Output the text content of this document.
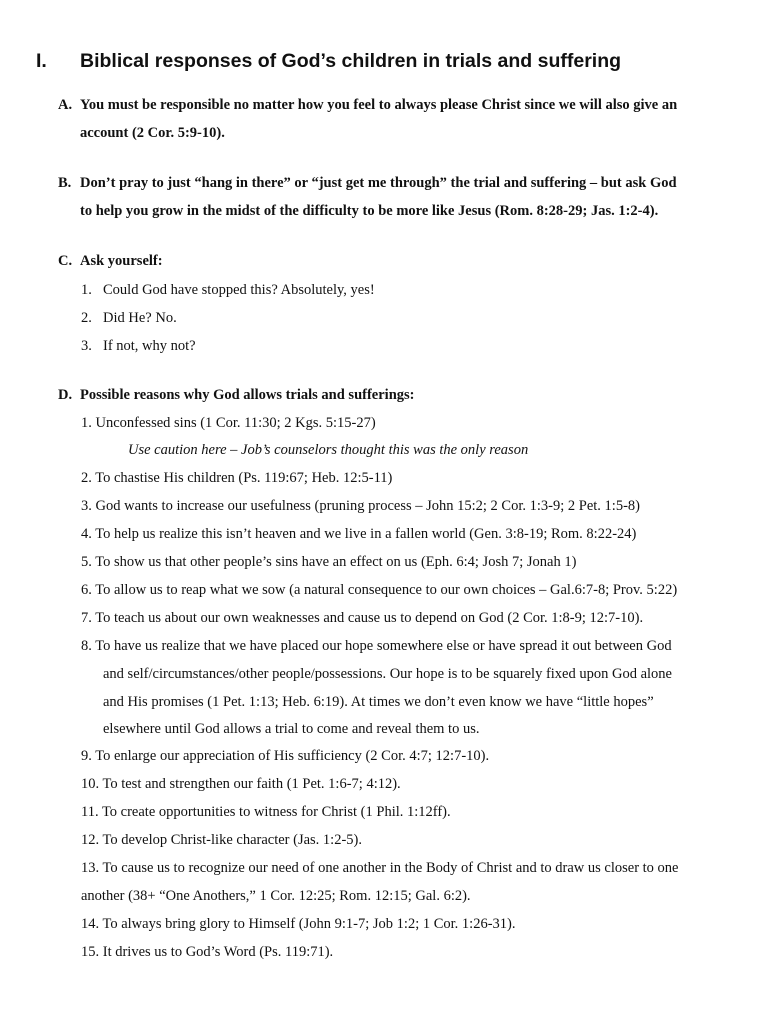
I. Biblical responses of God’s children in trials and suffering
A. You must be responsible no matter how you feel to always please Christ since we will also give an
account (2 Cor. 5:9-10).
B. Don’t pray to just “hang in there” or “just get me through” the trial and suffering – but ask God
to help you grow in the midst of the difficulty to be more like Jesus (Rom. 8:28-29; Jas. 1:2-4).
C. Ask yourself:
1. Could God have stopped this? Absolutely, yes!
2. Did He? No.
3. If not, why not?
D. Possible reasons why God allows trials and sufferings:
1. Unconfessed sins (1 Cor. 11:30; 2 Kgs. 5:15-27)
Use caution here – Job’s counselors thought this was the only reason
2. To chastise His children (Ps. 119:67; Heb. 12:5-11)
3. God wants to increase our usefulness (pruning process – John 15:2; 2 Cor. 1:3-9; 2 Pet. 1:5-8)
4. To help us realize this isn’t heaven and we live in a fallen world (Gen. 3:8-19; Rom. 8:22-24)
5. To show us that other people’s sins have an effect on us (Eph. 6:4; Josh 7; Jonah 1)
6. To allow us to reap what we sow (a natural consequence to our own choices – Gal.6:7-8; Prov. 5:22)
7. To teach us about our own weaknesses and cause us to depend on God (2 Cor. 1:8-9; 12:7-10).
8. To have us realize that we have placed our hope somewhere else or have spread it out between God
and self/circumstances/other people/possessions. Our hope is to be squarely fixed upon God alone
and His promises (1 Pet. 1:13; Heb. 6:19). At times we don’t even know we have “little hopes”
elsewhere until God allows a trial to come and reveal them to us.
9. To enlarge our appreciation of His sufficiency (2 Cor. 4:7; 12:7-10).
10. To test and strengthen our faith (1 Pet. 1:6-7; 4:12).
11. To create opportunities to witness for Christ (1 Phil. 1:12ff).
12. To develop Christ-like character (Jas. 1:2-5).
13. To cause us to recognize our need of one another in the Body of Christ and to draw us closer to one
another (38+ “One Anothers,” 1 Cor. 12:25; Rom. 12:15; Gal. 6:2).
14. To always bring glory to Himself (John 9:1-7; Job 1:2; 1 Cor. 1:26-31).
15. It drives us to God’s Word (Ps. 119:71).
